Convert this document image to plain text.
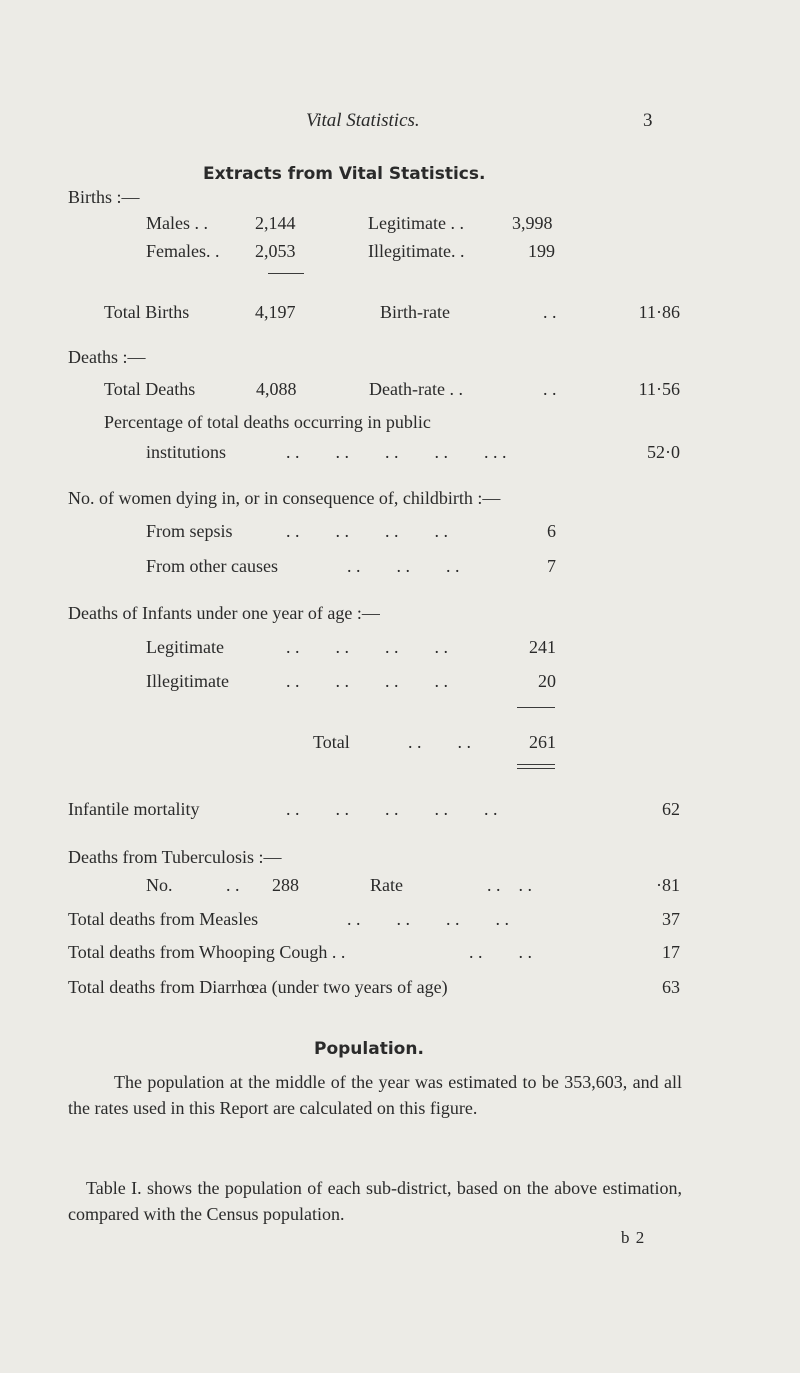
Vital Statistics.	3
Extracts from Vital Statistics.
Births :—
Males . .	2,144	Legitimate . .	3,998
Females. . 2,053	Illegitimate. .	199
Total Births	4,197	Birth-rate	. .	11·86
Deaths :—
Total Deaths	4,088	Death-rate . .	. .	11·56
Percentage of total deaths occurring in public
institutions	. .        . .        . .        . .        . . .	52·0
No. of women dying in, or in consequence of, childbirth :—
From sepsis	. .        . .        . .        . .	6
From other causes	. .        . .        . .	7
Deaths of Infants under one year of age :—
Legitimate	. .        . .        . .        . .	241
Illegitimate	. .        . .        . .        . .	20
Total	. .        . .	261
Infantile mortality	. .        . .        . .        . .        . .	62
Deaths from Tuberculosis :—
No.	. . 288	Rate	. .    . .	·81
Total deaths from Measles	. .        . .        . .        . .	37
Total deaths from Whooping Cough . .	. .        . .	17
Total deaths from Diarrhœa (under two years of age)	63
Population.
The population at the middle of the year was estimated to be 353,603, and all the rates used in this Report are calculated on this figure.
Table I. shows the population of each sub-district, based on the above estimation, compared with the Census population.
b 2
